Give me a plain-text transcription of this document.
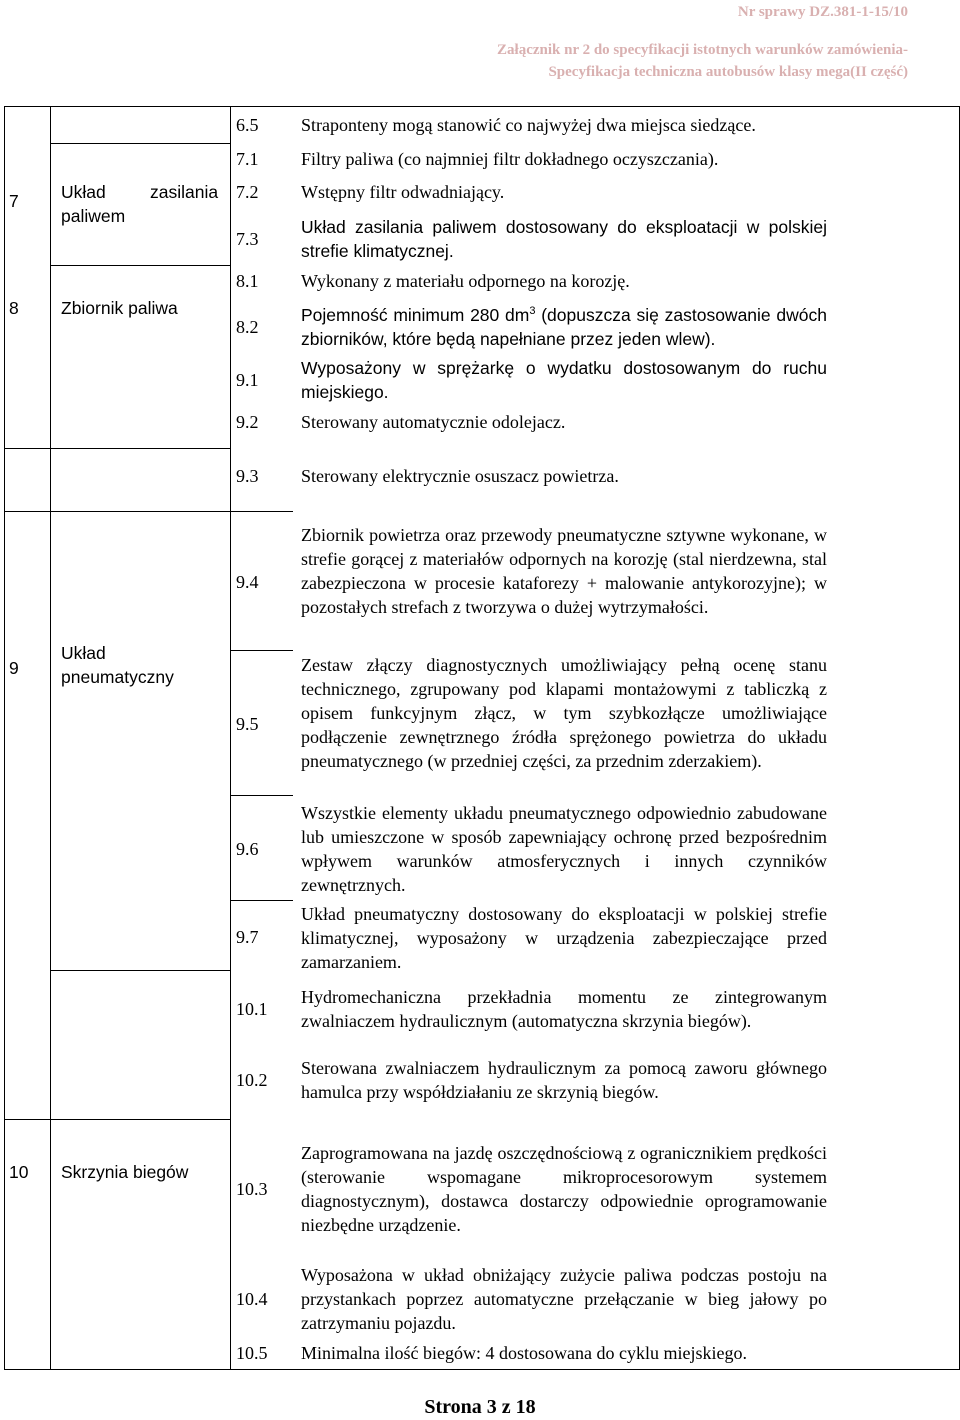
Nr sprawy DZ.381-1-15/10
Załącznik nr 2 do specyfikacji istotnych warunków zamówienia-
Specyfikacja techniczna autobusów klasy mega(II część)
7 Układ	zasilania
paliwem
8 Zbiornik paliwa
9
Układ
pneumatyczny
10 Skrzynia biegów
6.5
7.1
7.2
7.3
8.1
8.2
9.1
9.2
9.3
9.4
9.5
9.6
9.7
10.1
10.2
10.3
10.4
10.5
Straponteny mogą stanowić co najwyżej dwa miejsca siedzące.
Filtry paliwa (co najmniej filtr dokładnego oczyszczania).
Wstępny filtr odwadniający.
Układ zasilania paliwem dostosowany do eksploatacji w polskiej strefie klimatycznej.
Wykonany z materiału odpornego na korozję.
Pojemność minimum 280 $dm^3$ (dopuszcza się zastosowanie dwóch zbiorników, które będą napełniane przez jeden wlew).
Wyposażony w sprężarkę o wydatku dostosowanym do ruchu miejskiego.
Sterowany automatycznie odolejacz.
Sterowany elektrycznie osuszacz powietrza.
Zbiornik powietrza oraz przewody pneumatyczne sztywne wykonane, w strefie gorącej z materiałów odpornych na korozję (stal nierdzewna, stal zabezpieczona w procesie kataforezy + malowanie antykorozyjne); w pozostałych strefach z tworzywa o dużej wytrzymałości.
Zestaw złączy diagnostycznych umożliwiający pełną ocenę stanu technicznego, zgrupowany pod klapami montażowymi z tabliczką z opisem funkcyjnym złącz, w tym szybkozłącze umożliwiające podłączenie zewnętrznego źródła sprężonego powietrza do układu pneumatycznego (w przedniej części, za przednim zderzakiem).
Wszystkie elementy układu pneumatycznego odpowiednio zabudowane lub umieszczone w sposób zapewniający ochronę przed bezpośrednim wpływem warunków atmosferycznych i innych czynników zewnętrznych.
Układ pneumatyczny dostosowany do eksploatacji w polskiej strefie klimatycznej, wyposażony w urządzenia zabezpieczające przed zamarzaniem.
Hydromechaniczna przekładnia momentu ze zintegrowanym zwalniaczem hydraulicznym (automatyczna skrzynia biegów).
Sterowana zwalniaczem hydraulicznym za pomocą zaworu głównego hamulca przy współdziałaniu ze skrzynią biegów.
Zaprogramowana na jazdę oszczędnościową z ogranicznikiem prędkości (sterowanie wspomagane mikroprocesorowym systemem diagnostycznym), dostawca dostarczy odpowiednie oprogramowanie niezbędne urządzenie.
Wyposażona w układ obniżający zużycie paliwa podczas postoju na przystankach poprzez automatyczne przełączanie w bieg jałowy po zatrzymaniu pojazdu.
Minimalna ilość biegów: 4 dostosowana do cyklu miejskiego.
Strona 3 z 18
